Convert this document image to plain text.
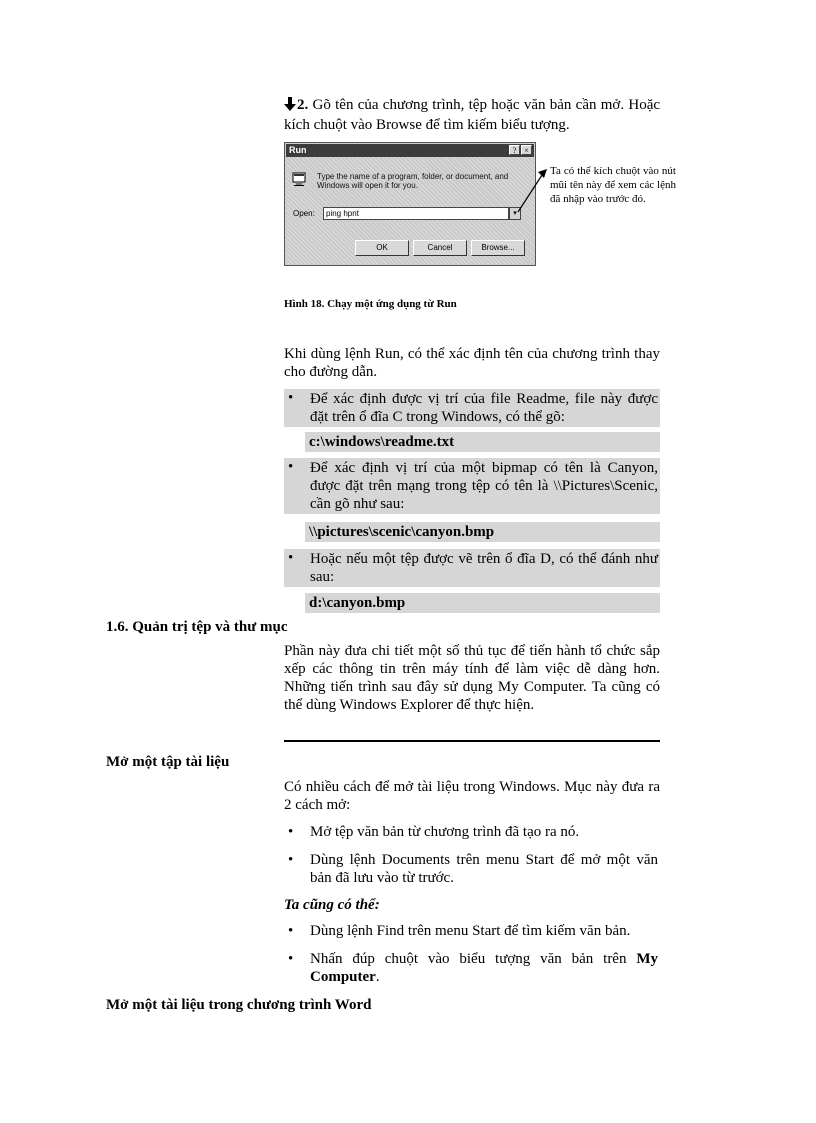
2. Gõ tên của chương trình, tệp hoặc văn bản cần mở. Hoặc kích chuột vào Browse để tìm kiếm biểu tượng.
Run	? ×
Type the name of a program, folder, or document, and Windows will open it for you.
Open:	ping hpnt	▾
OK	Cancel	Browse...
Ta có thể kích chuột vào nút mũi tên này để xem các lệnh đã nhập vào trước đó.
Hình 18. Chạy một ứng dụng từ Run
Khi dùng lệnh Run, có thể xác định tên của chương trình thay cho đường dẫn.
• Để xác định được vị trí của file Readme, file này được đặt trên ổ đĩa C trong Windows, có thể gõ:
c:\windows\readme.txt
• Để xác định vị trí của một bipmap có tên là Canyon, được đặt trên mạng trong tệp có tên là \\Pictures\Scenic, cần gõ như sau:
\\pictures\scenic\canyon.bmp
• Hoặc nếu một tệp được vẽ trên ổ đĩa D, có thể đánh như sau:
d:\canyon.bmp
1.6. Quản trị tệp và thư mục
Phần này đưa chi tiết một số thủ tục để tiến hành tổ chức sắp xếp các thông tin trên máy tính để làm việc dễ dàng hơn. Những tiến trình sau đây sử dụng My Computer. Ta cũng có thể dùng Windows Explorer để thực hiện.
Mở một tập tài liệu
Có nhiều cách để mở tài liệu trong Windows. Mục này đưa ra 2 cách mở:
• Mở tệp văn bản từ chương trình đã tạo ra nó.
• Dùng lệnh Documents trên menu Start để mở một văn bản đã lưu vào từ trước.
Ta cũng có thể:
• Dùng lệnh Find trên menu Start để tìm kiếm văn bản.
• Nhấn đúp chuột vào biểu tượng văn bản trên My Computer.
Mở một tài liệu trong chương trình Word
